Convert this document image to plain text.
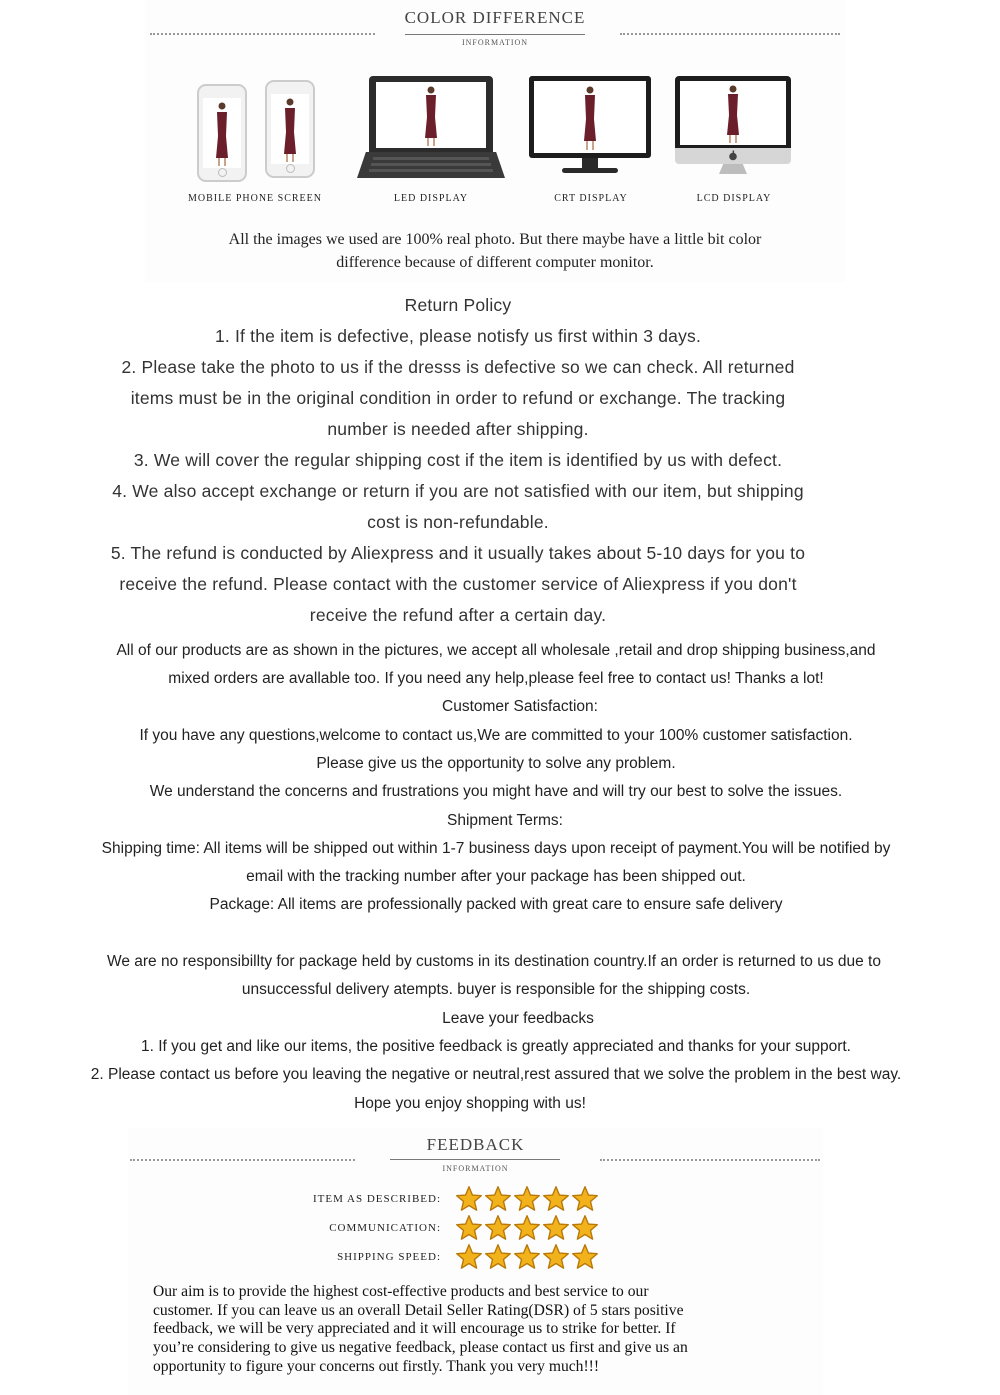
COLOR DIFFERENCE
INFORMATION
MOBILE PHONE SCREEN	LED DISPLAY	CRT DISPLAY	LCD DISPLAY
All the images we used are 100% real photo. But there maybe have a little bit color
difference because of different computer monitor.
Return Policy
1. If the item is defective, please notisfy us first within 3 days.
2. Please take the photo to us if the dresss is defective so we can check. All returned
items must be in the original condition in order to refund or exchange. The tracking
number is needed after shipping.
3. We will cover the regular shipping cost if the item is identified by us with defect.
4. We also accept exchange or return if you are not satisfied with our item, but shipping
cost is non-refundable.
5. The refund is conducted by Aliexpress and it usually takes about 5-10 days for you to
receive the refund. Please contact with the customer service of Aliexpress if you don't
receive the refund after a certain day.
All of our products are as shown in the pictures, we accept all wholesale ,retail and drop shipping business,and
mixed orders are avallable too. If you need any help,please feel free to contact us! Thanks a lot!
Customer Satisfaction:
If you have any questions,welcome to contact us,We are committed to your 100% customer satisfaction.
Please give us the opportunity to solve any problem.
We understand the concerns and frustrations you might have and will try our best to solve the issues.
Shipment Terms:
Shipping time: All items will be shipped out within 1-7 business days upon receipt of payment.You will be notified by
email with the tracking number after your package has been shipped out.
Package: All items are professionally packed with great care to ensure safe delivery
We are no responsibillty for package held by customs in its destination country.If an order is returned to us due to
unsuccessful delivery atempts. buyer is responsible for the shipping costs.
Leave your feedbacks
1. If you get and like our items, the positive feedback is greatly appreciated and thanks for your support.
2. Please contact us before you leaving the negative or neutral,rest assured that we solve the problem in the best way.
Hope you enjoy shopping with us!
FEEDBACK
INFORMATION
ITEM AS DESCRIBED:
COMMUNICATION:
SHIPPING SPEED:
Our aim is to provide the highest cost-effective products and best service to our
customer. If you can leave us an overall Detail Seller Rating(DSR) of 5 stars positive
feedback, we will be very appreciated and it will encourage us to strike for better. If
you’re considering to give us negative feedback, please contact us first and give us an
opportunity to figure your concerns out firstly. Thank you very much!!!
